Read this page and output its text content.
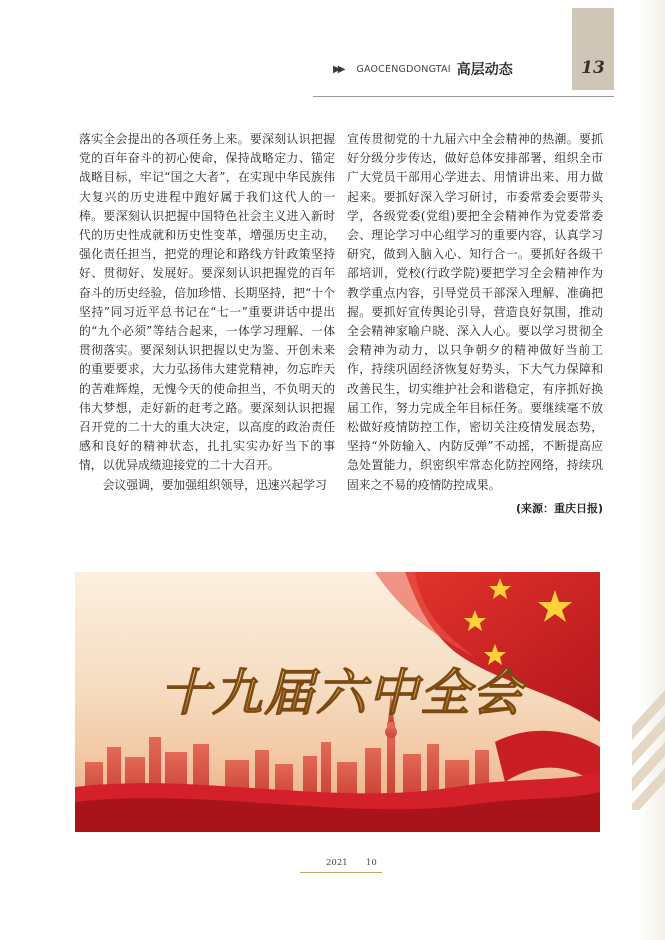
13
▶▶ GAOCENGDONGTAI 高层动态

落实全会提出的各项任务上来。要深刻认识把握党的百年奋斗的初心使命，保持战略定力、锚定战略目标，牢记“国之大者”，在实现中华民族伟大复兴的历史进程中跑好属于我们这代人的一棒。要深刻认识把握中国特色社会主义进入新时代的历史性成就和历史性变革，增强历史主动，强化责任担当，把党的理论和路线方针政策坚持好、贯彻好、发展好。要深刻认识把握党的百年奋斗的历史经验，倍加珍惜、长期坚持，把“十个坚持”同习近平总书记在“七一”重要讲话中提出的“九个必须”等结合起来，一体学习理解、一体贯彻落实。要深刻认识把握以史为鉴、开创未来的重要要求，大力弘扬伟大建党精神，勿忘昨天的苦难辉煌，无愧今天的使命担当，不负明天的伟大梦想，走好新的赶考之路。要深刻认识把握召开党的二十大的重大决定，以高度的政治责任感和良好的精神状态，扎扎实实办好当下的事情，以优异成绩迎接党的二十大召开。

会议强调，要加强组织领导，迅速兴起学习

宣传贯彻党的十九届六中全会精神的热潮。要抓好分级分步传达，做好总体安排部署，组织全市广大党员干部用心学进去、用情讲出来、用力做起来。要抓好深入学习研讨，市委常委会要带头学，各级党委(党组)要把全会精神作为党委常委会、理论学习中心组学习的重要内容，认真学习研究，做到入脑入心、知行合一。要抓好各级干部培训，党校(行政学院)要把学习全会精神作为教学重点内容，引导党员干部深入理解、准确把握。要抓好宣传舆论引导，营造良好氛围，推动全会精神家喻户晓、深入人心。要以学习贯彻全会精神为动力，以只争朝夕的精神做好当前工作，持续巩固经济恢复好势头，下大气力保障和改善民生，切实维护社会和谐稳定，有序抓好换届工作，努力完成全年目标任务。要继续毫不放松做好疫情防控工作，密切关注疫情发展态势，坚持“外防输入、内防反弹”不动摇，不断提高应急处置能力，织密织牢常态化防控网络，持续巩固来之不易的疫情防控成果。

(来源：重庆日报)
十九届六中全会
2021 10
